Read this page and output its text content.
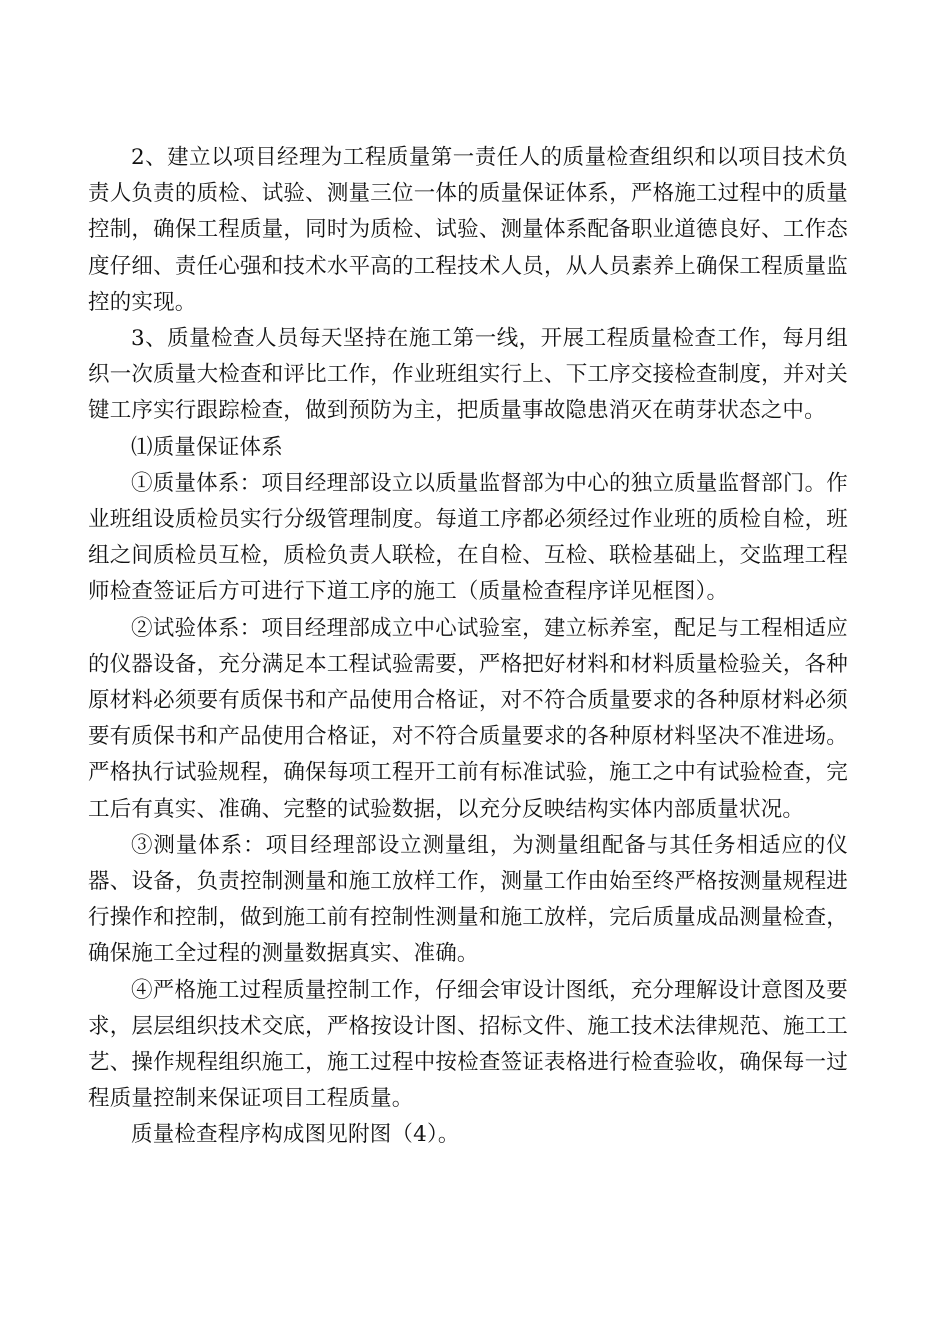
2、建立以项目经理为工程质量第一责任人的质量检查组织和以项目技术负责人负责的质检、试验、测量三位一体的质量保证体系，严格施工过程中的质量控制，确保工程质量，同时为质检、试验、测量体系配备职业道德良好、工作态度仔细、责任心强和技术水平高的工程技术人员，从人员素养上确保工程质量监控的实现。

3、质量检查人员每天坚持在施工第一线，开展工程质量检查工作，每月组织一次质量大检查和评比工作，作业班组实行上、下工序交接检查制度，并对关键工序实行跟踪检查，做到预防为主，把质量事故隐患消灭在萌芽状态之中。

⑴质量保证体系

①质量体系：项目经理部设立以质量监督部为中心的独立质量监督部门。作业班组设质检员实行分级管理制度。每道工序都必须经过作业班的质检自检，班组之间质检员互检，质检负责人联检，在自检、互检、联检基础上，交监理工程师检查签证后方可进行下道工序的施工（质量检查程序详见框图）。

②试验体系：项目经理部成立中心试验室，建立标养室，配足与工程相适应的仪器设备，充分满足本工程试验需要，严格把好材料和材料质量检验关，各种原材料必须要有质保书和产品使用合格证，对不符合质量要求的各种原材料必须要有质保书和产品使用合格证，对不符合质量要求的各种原材料坚决不准进场。严格执行试验规程，确保每项工程开工前有标准试验，施工之中有试验检查，完工后有真实、准确、完整的试验数据，以充分反映结构实体内部质量状况。

③测量体系：项目经理部设立测量组，为测量组配备与其任务相适应的仪器、设备，负责控制测量和施工放样工作，测量工作由始至终严格按测量规程进行操作和控制，做到施工前有控制性测量和施工放样，完后质量成品测量检查，确保施工全过程的测量数据真实、准确。

④严格施工过程质量控制工作，仔细会审设计图纸，充分理解设计意图及要求，层层组织技术交底，严格按设计图、招标文件、施工技术法律规范、施工工艺、操作规程组织施工，施工过程中按检查签证表格进行检查验收，确保每一过程质量控制来保证项目工程质量。

质量检查程序构成图见附图（4）。
